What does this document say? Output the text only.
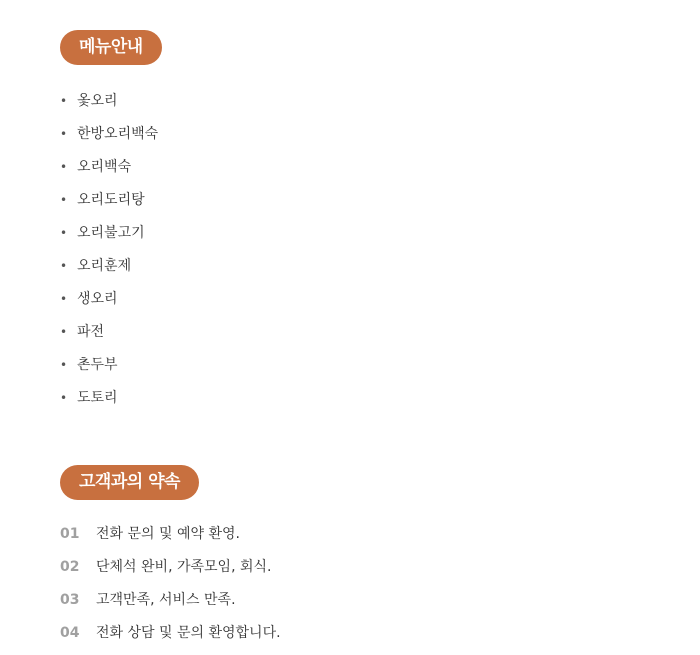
메뉴안내
• 옻오리
• 한방오리백숙
• 오리백숙
• 오리도리탕
• 오리불고기
• 오리훈제
• 생오리
• 파전
• 촌두부
• 도토리
고객과의 약속
01	전화 문의 및 예약 환영.
02	단체석 완비, 가족모임, 회식.
03	고객만족, 서비스 만족.
04	전화 상담 및 문의 환영합니다.
